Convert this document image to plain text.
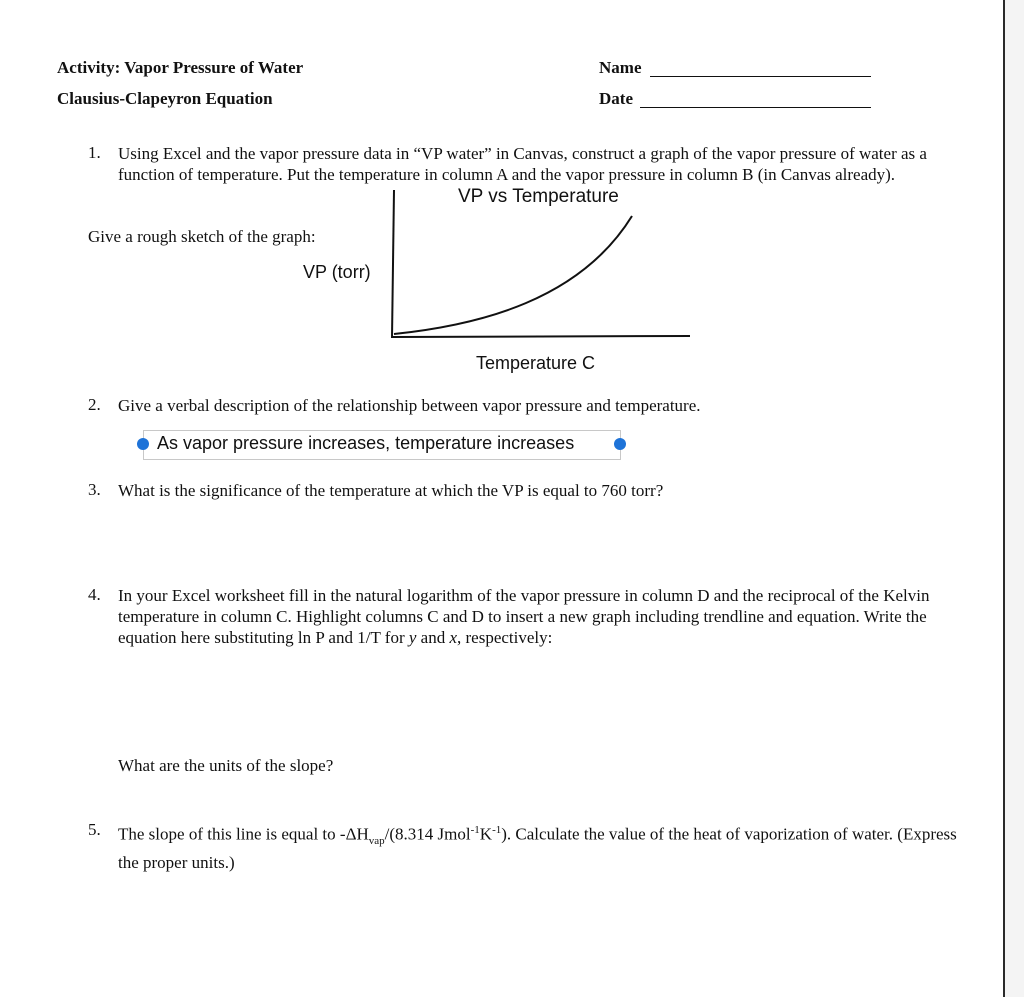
Activity: Vapor Pressure of Water
Clausius-Clapeyron Equation
Name
Date
1. Using Excel and the vapor pressure data in “VP water” in Canvas, construct a graph of the vapor pressure of water as a function of temperature. Put the temperature in column A and the vapor pressure in column B (in Canvas already).
Give a rough sketch of the graph:
VP vs Temperature
VP (torr)
Temperature C
2. Give a verbal description of the relationship between vapor pressure and temperature.
As vapor pressure increases, temperature increases
3. What is the significance of the temperature at which the VP is equal to 760 torr?
4. In your Excel worksheet fill in the natural logarithm of the vapor pressure in column D and the reciprocal of the Kelvin temperature in column C. Highlight columns C and D to insert a new graph including trendline and equation. Write the equation here substituting ln P and 1/T for y and x, respectively:
What are the units of the slope?
5. The slope of this line is equal to $-\Delta H_{vap}/(8.314$ $Jmol^{-1}K^{-1}$). Calculate the value of the heat of vaporization of water. (Express the proper units.)
